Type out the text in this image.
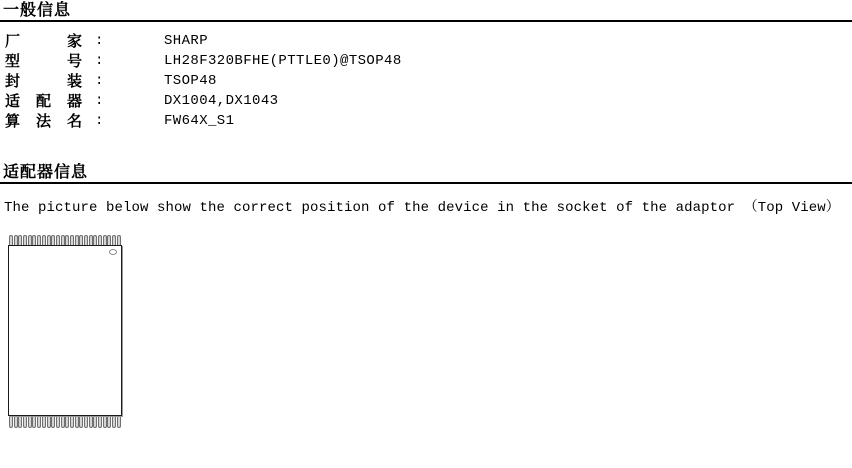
一般信息
厂家 :	SHARP
型号 :	LH28F320BFHE(PTTLE0)@TSOP48
封装 :	TSOP48
适配器 :	DX1004,DX1043
算法名 :	FW64X_S1
适配器信息
The picture below show the correct position of the device in the socket of the adaptor （Top View）
